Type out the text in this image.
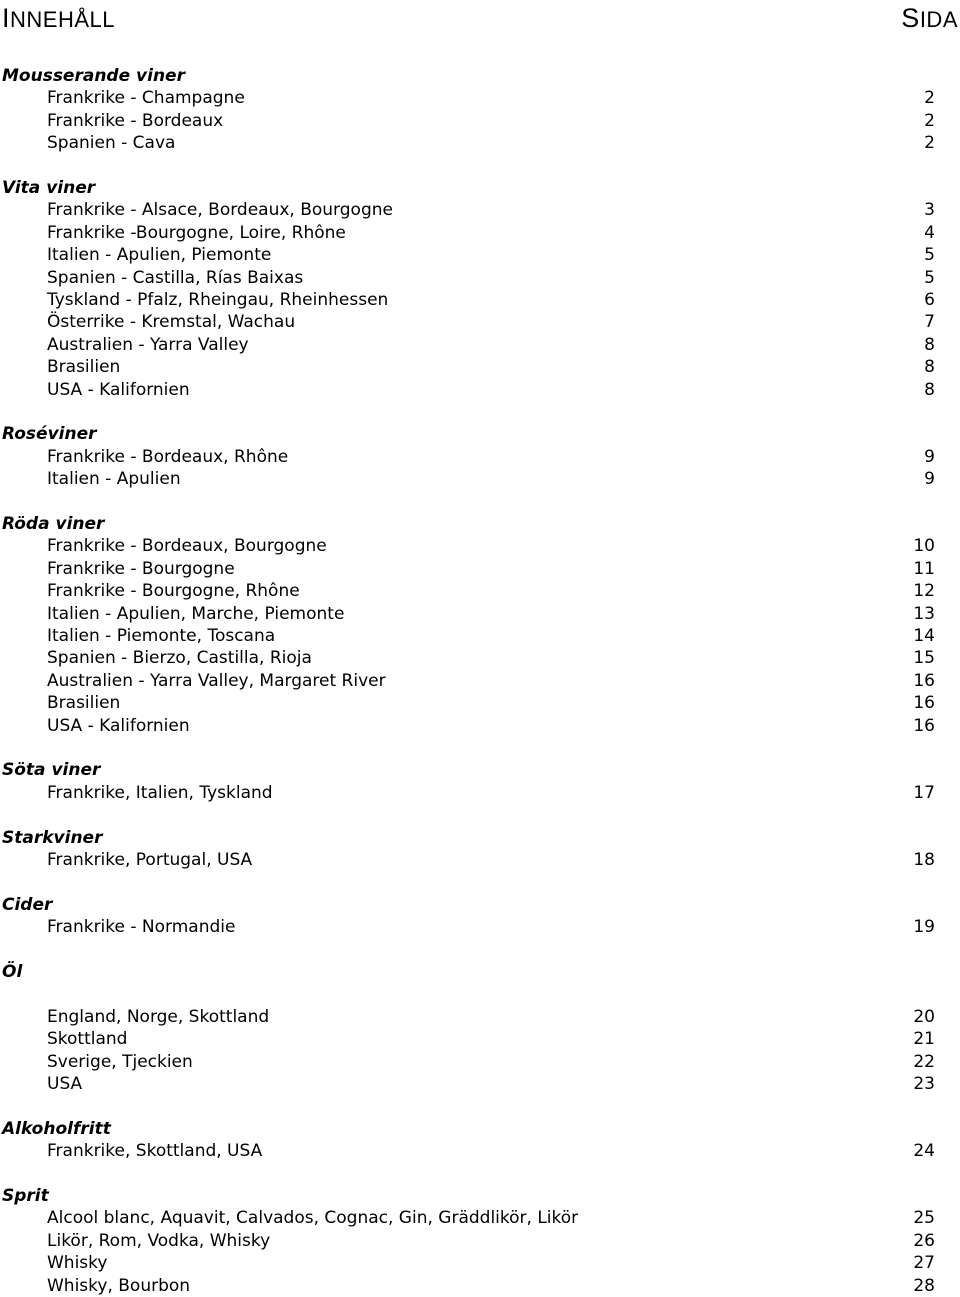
INNEHÅLL	SIDA
Mousserande viner
Frankrike - Champagne	2
Frankrike - Bordeaux	2
Spanien - Cava	2
Vita viner
Frankrike - Alsace, Bordeaux, Bourgogne	3
Frankrike -Bourgogne, Loire, Rhône	4
Italien - Apulien, Piemonte	5
Spanien - Castilla, Rías Baixas	5
Tyskland - Pfalz, Rheingau, Rheinhessen	6
Österrike - Kremstal, Wachau	7
Australien - Yarra Valley	8
Brasilien	8
USA - Kalifornien	8
Roséviner
Frankrike - Bordeaux, Rhône	9
Italien - Apulien	9
Röda viner
Frankrike - Bordeaux, Bourgogne	10
Frankrike - Bourgogne	11
Frankrike - Bourgogne, Rhône	12
Italien - Apulien, Marche, Piemonte	13
Italien - Piemonte, Toscana	14
Spanien - Bierzo, Castilla, Rioja	15
Australien - Yarra Valley, Margaret River	16
Brasilien	16
USA - Kalifornien	16
Söta viner
Frankrike, Italien, Tyskland	17
Starkviner
Frankrike, Portugal, USA	18
Cider
Frankrike - Normandie	19
Öl
England, Norge, Skottland	20
Skottland	21
Sverige, Tjeckien	22
USA	23
Alkoholfritt
Frankrike, Skottland, USA	24
Sprit
Alcool blanc, Aquavit, Calvados, Cognac, Gin, Gräddlikör, Likör	25
Likör, Rom, Vodka, Whisky	26
Whisky	27
Whisky, Bourbon	28
